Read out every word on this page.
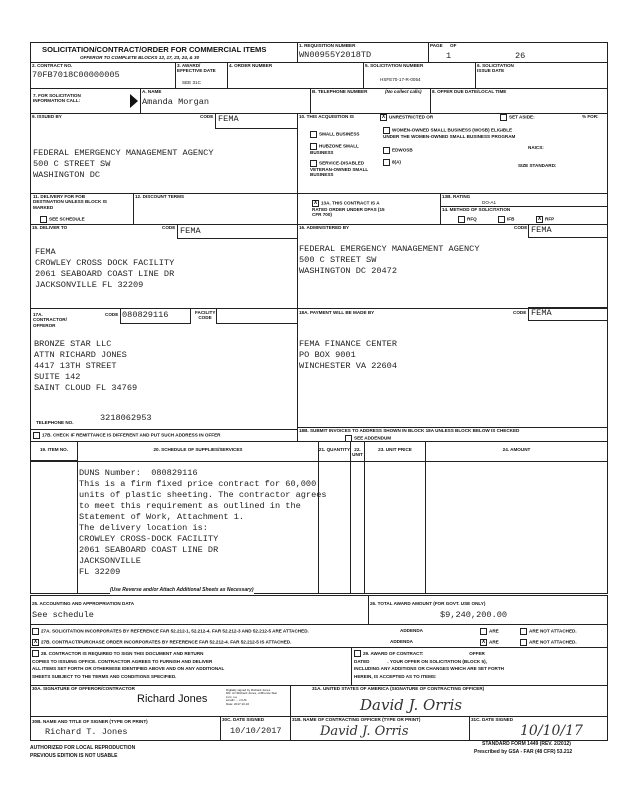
SOLICITATION/CONTRACT/ORDER FOR COMMERCIAL ITEMS
OFFEROR TO COMPLETE BLOCKS 12, 17, 23, 24, & 30
1. REQUISITION NUMBER
WN00955Y2018TD
PAGE OF
1	26
2. CONTRACT NO.
70FB7018C00000005
3. AWARD/ EFFECTIVE DATE
SEE 31C
4. ORDER NUMBER	5. SOLICITATION NUMBER
HSFE70-17-R-0054
6. SOLICITATION ISSUE DATE
7. FOR SOLICITATION INFORMATION CALL:
A. NAME
Amanda Morgan
B. TELEPHONE NUMBER	(No collect calls) 8. OFFER DUE DATE/LOCAL TIME
9. ISSUED BY	CODE FEMA
FEDERAL EMERGENCY MANAGEMENT AGENCY
500 C STREET SW
WASHINGTON DC
10. THIS ACQUISITION IS	X UNRESTRICTED OR	SET ASIDE:	% FOR:
SMALL BUSINESS
HUBZONE SMALL BUSINESS
SERVICE-DISABLED VETERAN-OWNED SMALL BUSINESS
WOMEN-OWNED SMALL BUSINESS (WOSB) ELIGIBLE UNDER THE WOMEN-OWNED SMALL BUSINESS PROGRAM
EDWOSB
8(A)
NAICS:
SIZE STANDARD:
11. DELIVERY FOR FOB DESTINATION UNLESS BLOCK IS MARKED
SEE SCHEDULE
12. DISCOUNT TERMS
X 13A. THIS CONTRACT IS A RATED ORDER UNDER DPAS (15 CFR 700)
13B. RATING
DO-A1
14. METHOD OF SOLICITATION
RFQ	IFB	X RFP
15. DELIVER TO	CODE FEMA
FEMA
CROWLEY CROSS DOCK FACILITY
2061 SEABOARD COAST LINE DR
JACKSONVILLE FL 32209
16. ADMINISTERED BY	CODE FEMA
FEDERAL EMERGENCY MANAGEMENT AGENCY
500 C STREET SW
WASHINGTON DC 20472
17A. CONTRACTOR/ OFFEROR
CODE 080829116	FACILITY CODE
BRONZE STAR LLC
ATTN RICHARD JONES
4417 13TH STREET
SUITE 142
SAINT CLOUD FL 34769
TELEPHONE NO.	3218062953
17B. CHECK IF REMITTANCE IS DIFFERENT AND PUT SUCH ADDRESS IN OFFER
18A. PAYMENT WILL BE MADE BY	CODE FEMA
FEMA FINANCE CENTER
PO BOX 9001
WINCHESTER VA 22604
18B. SUBMIT INVOICES TO ADDRESS SHOWN IN BLOCK 18A UNLESS BLOCK BELOW IS CHECKED
SEE ADDENDUM
19. ITEM NO.	20. SCHEDULE OF SUPPLIES/SERVICES	21. QUANTITY 22. UNIT
23. UNIT PRICE	24. AMOUNT
DUNS Number:  080829116
This is a firm fixed price contract for 60,000
units of plastic sheeting. The contractor agrees
to meet this requirement as outlined in the
Statement of Work, Attachment 1.
The delivery location is:
CROWLEY CROSS-DOCK FACILITY
2061 SEABOARD COAST LINE DR
JACKSONVILLE
FL 32209
(Use Reverse and/or Attach Additional Sheets as Necessary)
25. ACCOUNTING AND APPROPRIATION DATA
See schedule
26. TOTAL AWARD AMOUNT (FOR GOVT. USE ONLY)
$9,240,200.00
27A. SOLICITATION INCORPORATES BY REFERENCE FAR 52.212-1, 52.212-4. FAR 52.212-3 AND 52.212-5 ARE ATTACHED.	ADDENDA	ARE	ARE NOT ATTACHED.
X 27B. CONTRACT/PURCHASE ORDER INCORPORATES BY REFERENCE FAR 52.212-4. FAR 52.212-5 IS ATTACHED.	ADDENDA	X ARE	ARE NOT ATTACHED.
28. CONTRACTOR IS REQUIRED TO SIGN THIS DOCUMENT AND RETURN
COPIES TO ISSUING OFFICE. CONTRACTOR AGREES TO FURNISH AND DELIVER
ALL ITEMS SET FORTH OR OTHERWISE IDENTIFIED ABOVE AND ON ANY ADDITIONAL
SHEETS SUBJECT TO THE TERMS AND CONDITIONS SPECIFIED.
29. AWARD OF CONTRACT:                                    OFFER
DATED              . YOUR OFFER ON SOLICITATION (BLOCK 5),
INCLUDING ANY ADDITIONS OR CHANGES WHICH ARE SET FORTH
HEREIN, IS ACCEPTED AS TO ITEMS:
30A. SIGNATURE OF OFFEROR/CONTRACTOR
Richard Jones
Digitally signed by Richard Jones
DN: cn=Richard Jones, o=Bronze Star
LLC, ou,
email=..., c=US
Date: 2017.10.10
31A. UNITED STATES OF AMERICA (SIGNATURE OF CONTRACTING OFFICER)
David J. Orris
30B. NAME AND TITLE OF SIGNER (TYPE OR PRINT)
Richard T. Jones
30C. DATE SIGNED
10/10/2017
31B. NAME OF CONTRACTING OFFICER (TYPE OR PRINT)
David J. Orris
31C. DATE SIGNED
10/10/17
AUTHORIZED FOR LOCAL REPRODUCTION
PREVIOUS EDITION IS NOT USABLE
STANDARD FORM 1449 (REV. 2/2012)
Prescribed by GSA - FAR (48 CFR) 53.212
